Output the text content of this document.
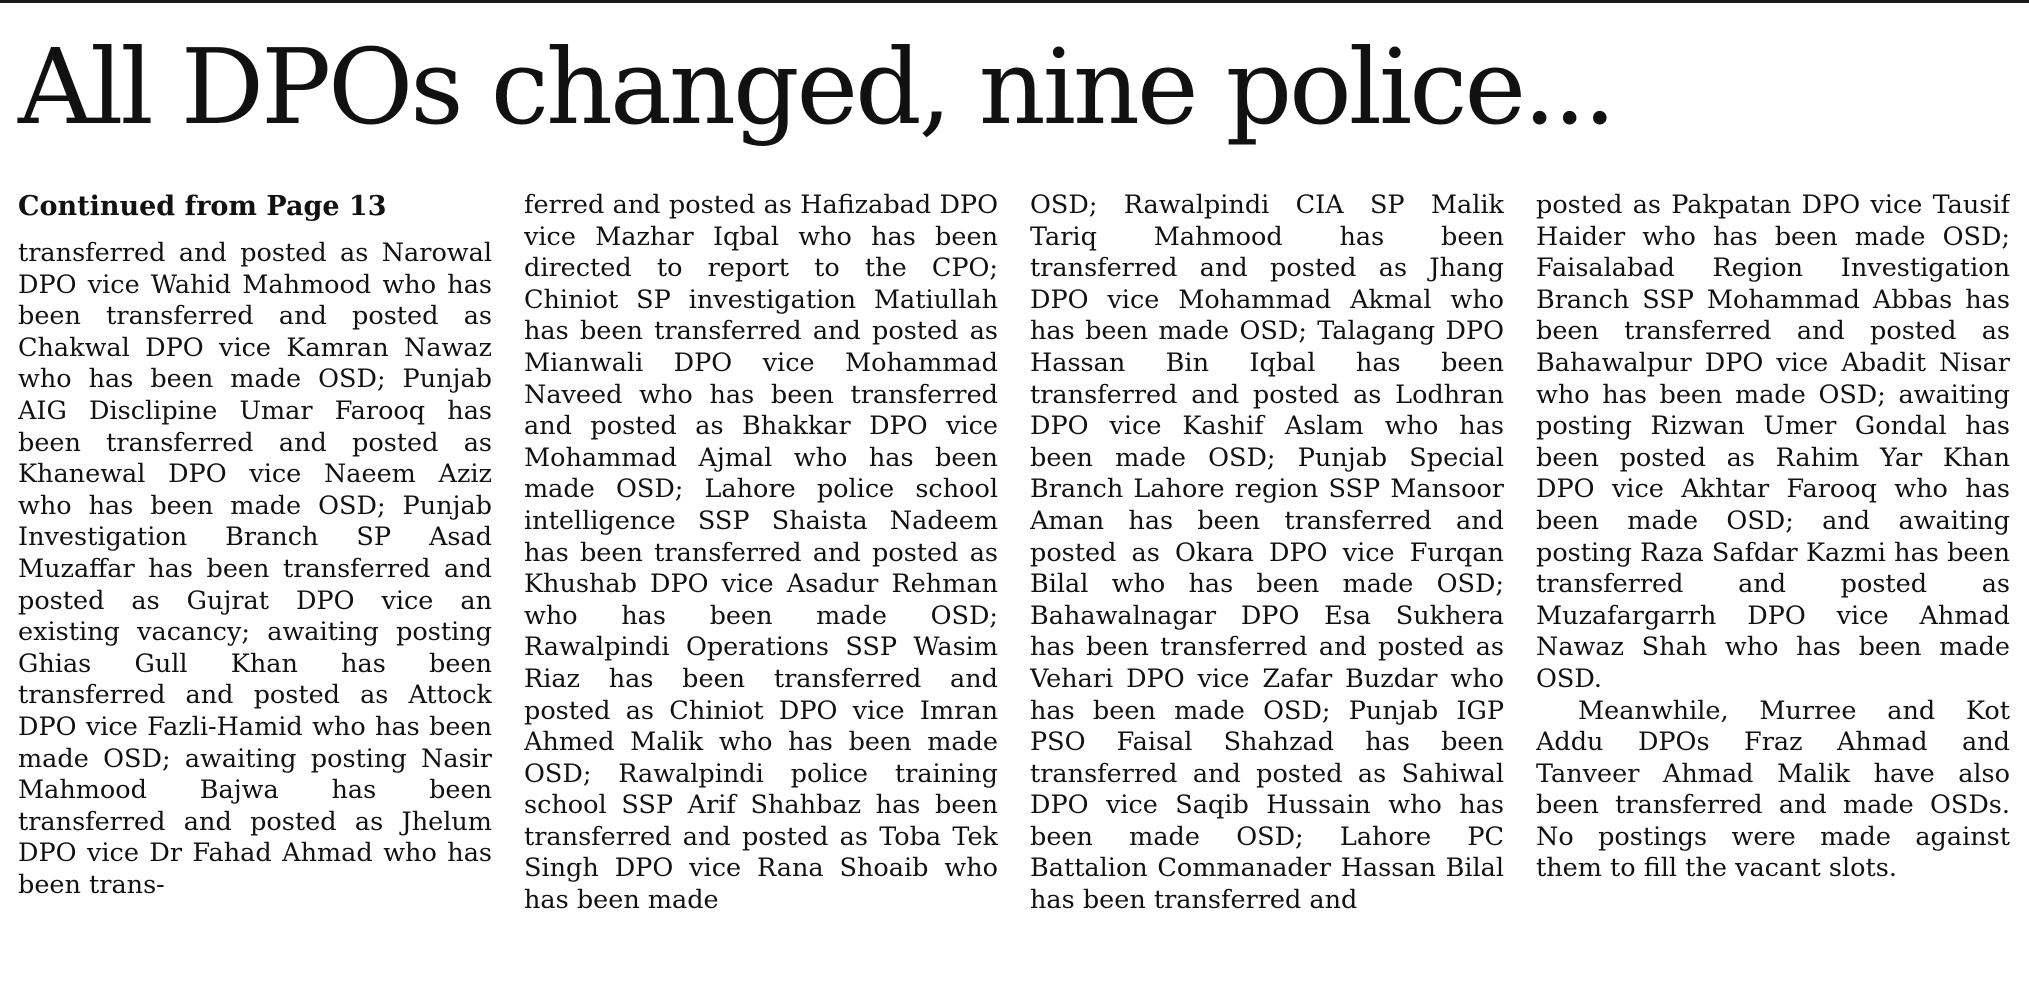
All DPOs changed, nine police...
Continued from Page 13

transferred and posted as Narowal DPO vice Wahid Mahmood who has been transferred and posted as Chakwal DPO vice Kamran Nawaz who has been made OSD; Punjab AIG Disclipine Umar Farooq has been transferred and posted as Khanewal DPO vice Naeem Aziz who has been made OSD; Punjab Investigation Branch SP Asad Muzaffar has been transferred and posted as Gujrat DPO vice an existing vacancy; awaiting posting Ghias Gull Khan has been transferred and posted as Attock DPO vice Fazli-Hamid who has been made OSD; awaiting posting Nasir Mahmood Bajwa has been transferred and posted as Jhelum DPO vice Dr Fahad Ahmad who has been trans-

ferred and posted as Hafizabad DPO vice Mazhar Iqbal who has been directed to report to the CPO; Chiniot SP investigation Matiullah has been transferred and posted as Mianwali DPO vice Mohammad Naveed who has been transferred and posted as Bhakkar DPO vice Mohammad Ajmal who has been made OSD; Lahore police school intelligence SSP Shaista Nadeem has been transferred and posted as Khushab DPO vice Asadur Rehman who has been made OSD; Rawalpindi Operations SSP Wasim Riaz has been transferred and posted as Chiniot DPO vice Imran Ahmed Malik who has been made OSD; Rawalpindi police training school SSP Arif Shahbaz has been transferred and posted as Toba Tek Singh DPO vice Rana Shoaib who has been made

OSD; Rawalpindi CIA SP Malik Tariq Mahmood has been transferred and posted as Jhang DPO vice Mohammad Akmal who has been made OSD; Talagang DPO Hassan Bin Iqbal has been transferred and posted as Lodhran DPO vice Kashif Aslam who has been made OSD; Punjab Special Branch Lahore region SSP Mansoor Aman has been transferred and posted as Okara DPO vice Furqan Bilal who has been made OSD; Bahawalnagar DPO Esa Sukhera has been transferred and posted as Vehari DPO vice Zafar Buzdar who has been made OSD; Punjab IGP PSO Faisal Shahzad has been transferred and posted as Sahiwal DPO vice Saqib Hussain who has been made OSD; Lahore PC Battalion Commanader Hassan Bilal has been transferred and

posted as Pakpatan DPO vice Tausif Haider who has been made OSD; Faisalabad Region Investigation Branch SSP Mohammad Abbas has been transferred and posted as Bahawalpur DPO vice Abadit Nisar who has been made OSD; awaiting posting Rizwan Umer Gondal has been posted as Rahim Yar Khan DPO vice Akhtar Farooq who has been made OSD; and awaiting posting Raza Safdar Kazmi has been transferred and posted as Muzafargarrh DPO vice Ahmad Nawaz Shah who has been made OSD.

Meanwhile, Murree and Kot Addu DPOs Fraz Ahmad and Tanveer Ahmad Malik have also been transferred and made OSDs. No postings were made against them to fill the vacant slots.
